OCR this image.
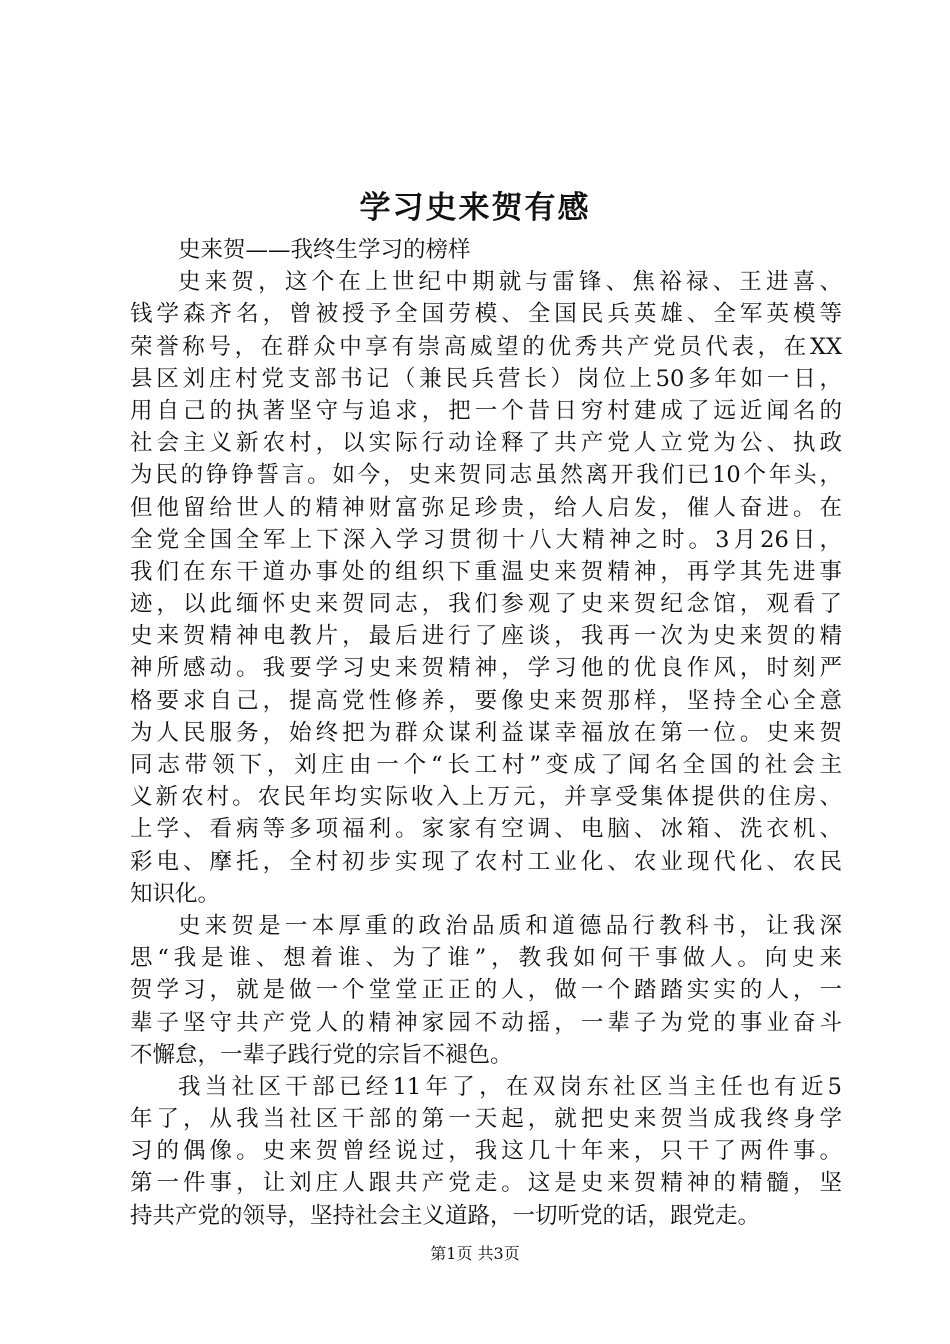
学习史来贺有感
史来贺——我终生学习的榜样
史来贺，这个在上世纪中期就与雷锋、焦裕禄、王进喜、
钱学森齐名，曾被授予全国劳模、全国民兵英雄、全军英模等
荣誉称号，在群众中享有崇高威望的优秀共产党员代表，在XX
县区刘庄村党支部书记（兼民兵营长）岗位上50多年如一日，
用自己的执著坚守与追求，把一个昔日穷村建成了远近闻名的
社会主义新农村，以实际行动诠释了共产党人立党为公、执政
为民的铮铮誓言。如今，史来贺同志虽然离开我们已10个年头，
但他留给世人的精神财富弥足珍贵，给人启发，催人奋进。在
全党全国全军上下深入学习贯彻十八大精神之时。3月26日，
我们在东干道办事处的组织下重温史来贺精神，再学其先进事
迹，以此缅怀史来贺同志，我们参观了史来贺纪念馆，观看了
史来贺精神电教片，最后进行了座谈，我再一次为史来贺的精
神所感动。我要学习史来贺精神，学习他的优良作风，时刻严
格要求自己，提高党性修养，要像史来贺那样，坚持全心全意
为人民服务，始终把为群众谋利益谋幸福放在第一位。史来贺
同志带领下，刘庄由一个“长工村”变成了闻名全国的社会主
义新农村。农民年均实际收入上万元，并享受集体提供的住房、
上学、看病等多项福利。家家有空调、电脑、冰箱、洗衣机、
彩电、摩托，全村初步实现了农村工业化、农业现代化、农民
知识化。
史来贺是一本厚重的政治品质和道德品行教科书，让我深
思“我是谁、想着谁、为了谁”，教我如何干事做人。向史来
贺学习，就是做一个堂堂正正的人，做一个踏踏实实的人，一
辈子坚守共产党人的精神家园不动摇，一辈子为党的事业奋斗
不懈怠，一辈子践行党的宗旨不褪色。
我当社区干部已经11年了，在双岗东社区当主任也有近5
年了，从我当社区干部的第一天起，就把史来贺当成我终身学
习的偶像。史来贺曾经说过，我这几十年来，只干了两件事。
第一件事，让刘庄人跟共产党走。这是史来贺精神的精髓，坚
持共产党的领导，坚持社会主义道路，一切听党的话，跟党走。
第1页 共3页
